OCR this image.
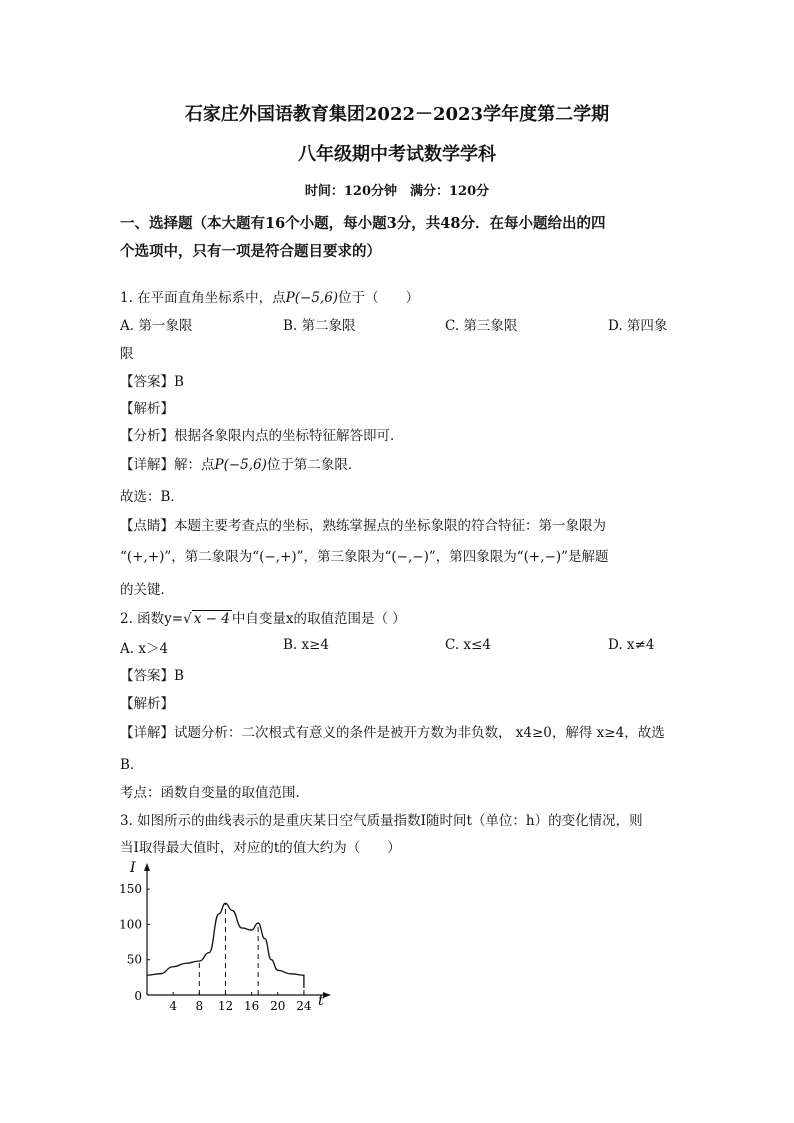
石家庄外国语教育集团2022－2023学年度第二学期
八年级期中考试数学学科
时间：120分钟　满分：120分
一、选择题（本大题有16个小题，每小题3分，共48分．在每小题给出的四
个选项中，只有一项是符合题目要求的）
1. 在平面直角坐标系中，点P(−5,6)位于（　　）
A. 第一象限	B. 第二象限	C. 第三象限	D. 第四象
限
【答案】B
【解析】
【分析】根据各象限内点的坐标特征解答即可．
【详解】解：点P(−5,6)位于第二象限．
故选：B．
【点睛】本题主要考查点的坐标，熟练掌握点的坐标象限的符合特征：第一象限为
“(+,+)”，第二象限为“(−,+)”，第三象限为“(−,−)”，第四象限为“(+,−)”是解题
的关键．
2. 函数y=√ x − 4 中自变量x的取值范围是（ ）
A. x＞4	B. x≥4	C. x≤4	D. x≠4
【答案】B
【解析】
【详解】试题分析：二次根式有意义的条件是被开方数为非负数， x4≥0，解得 x≥4，故选
B．
考点：函数自变量的取值范围．
3. 如图所示的曲线表示的是重庆某日空气质量指数I随时间t（单位：h）的变化情况，则
当I取得最大值时，对应的t的值大约为（　　）
4 8 12 16 20 24
0
50
100
150
I
t
